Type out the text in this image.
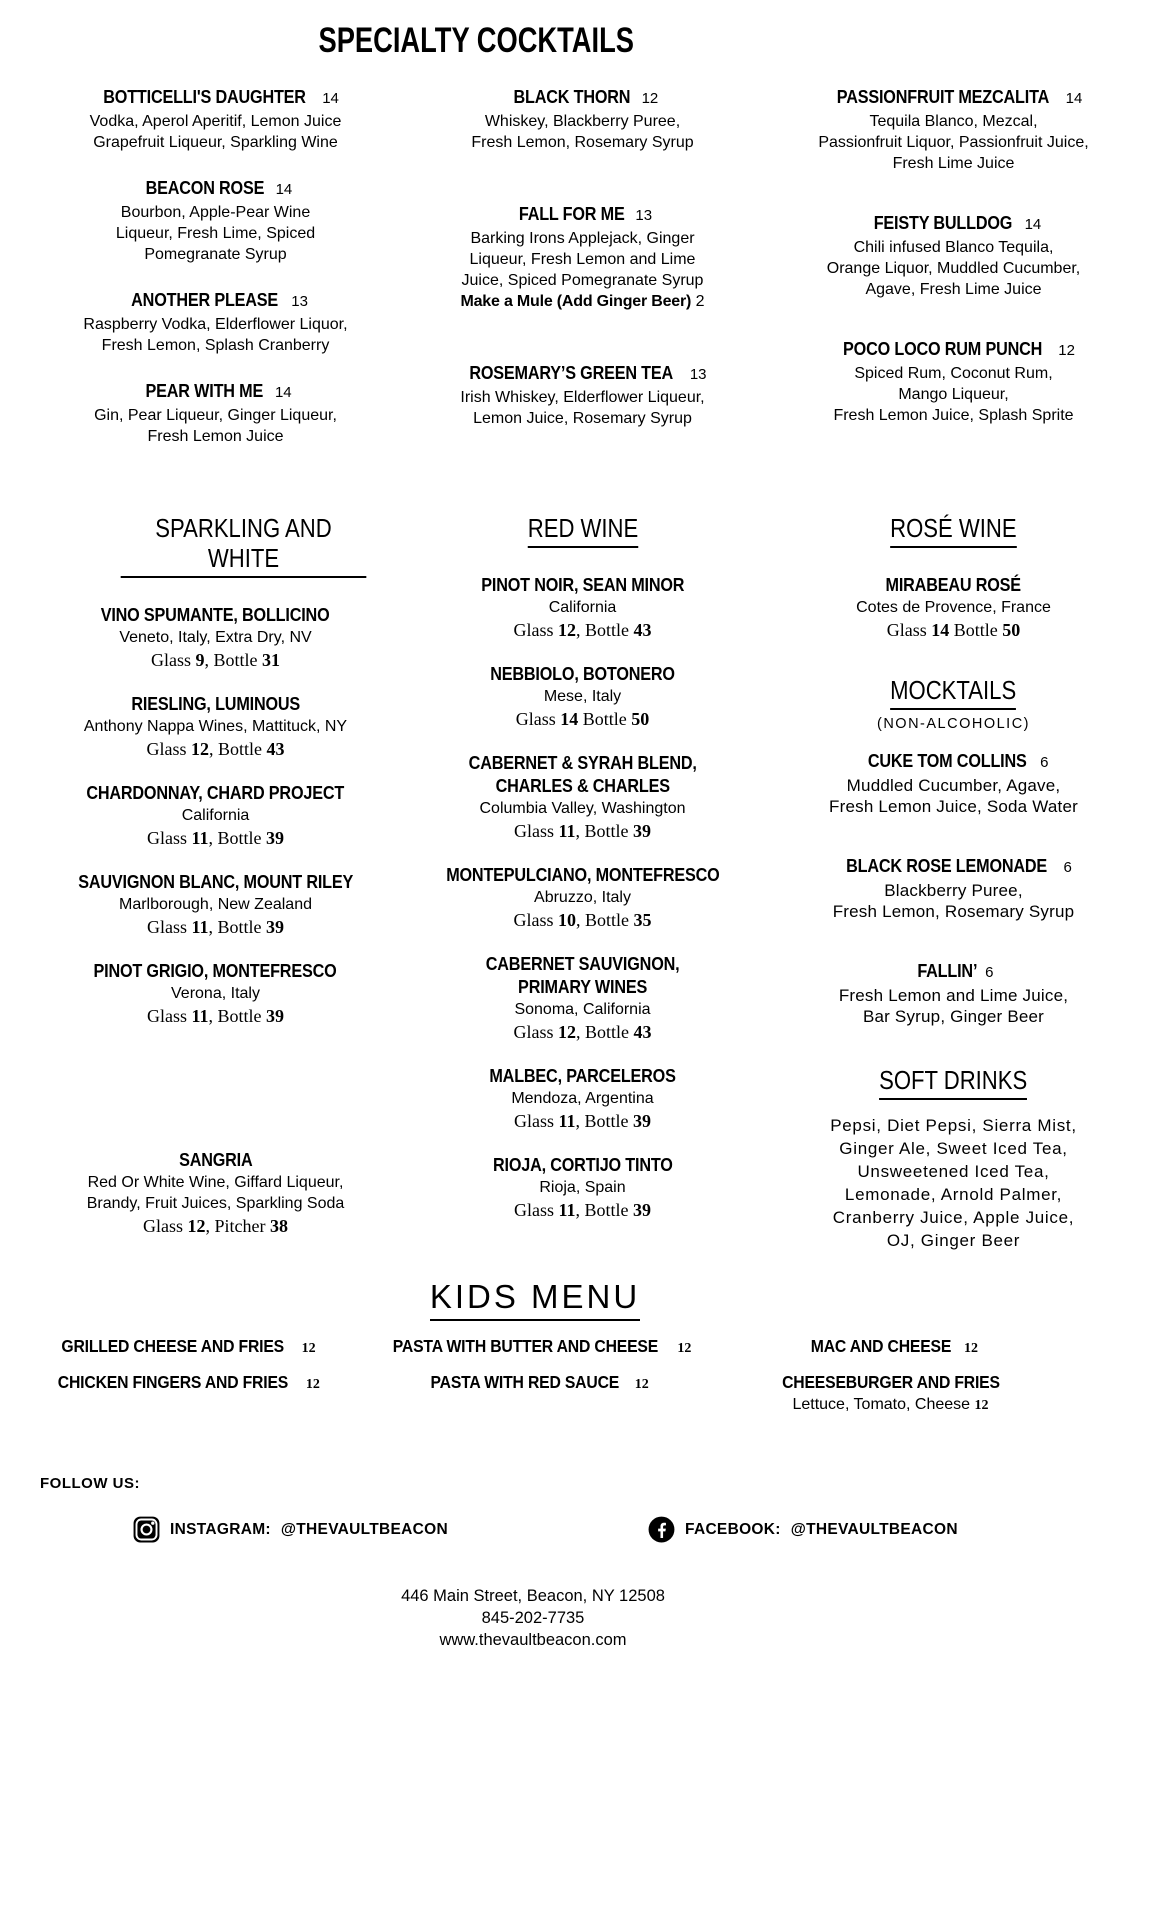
SPECIALTY COCKTAILS
BOTTICELLI'S DAUGHTER 14
Vodka, Aperol Aperitif, Lemon Juice
Grapefruit Liqueur, Sparkling Wine
BEACON ROSE 14
Bourbon, Apple-Pear Wine
Liqueur, Fresh Lime, Spiced
Pomegranate Syrup
ANOTHER PLEASE 13
Raspberry Vodka, Elderflower Liquor,
Fresh Lemon, Splash Cranberry
PEAR WITH ME 14
Gin, Pear Liqueur, Ginger Liqueur,
Fresh Lemon Juice
BLACK THORN 12
Whiskey, Blackberry Puree,
Fresh Lemon, Rosemary Syrup
FALL FOR ME 13
Barking Irons Applejack, Ginger
Liqueur, Fresh Lemon and Lime
Juice, Spiced Pomegranate Syrup
Make a Mule (Add Ginger Beer) 2
ROSEMARY’S GREEN TEA 13
Irish Whiskey, Elderflower Liqueur,
Lemon Juice, Rosemary Syrup
PASSIONFRUIT MEZCALITA 14
Tequila Blanco, Mezcal,
Passionfruit Liquor, Passionfruit Juice,
Fresh Lime Juice
FEISTY BULLDOG 14
Chili infused Blanco Tequila,
Orange Liquor, Muddled Cucumber,
Agave, Fresh Lime Juice
POCO LOCO RUM PUNCH 12
Spiced Rum, Coconut Rum,
Mango Liqueur,
Fresh Lemon Juice, Splash Sprite
SPARKLING AND WHITE
VINO SPUMANTE, BOLLICINO
Veneto, Italy, Extra Dry, NV
Glass 9, Bottle 31
RIESLING, LUMINOUS
Anthony Nappa Wines, Mattituck, NY
Glass 12, Bottle 43
CHARDONNAY, CHARD PROJECT
California
Glass 11, Bottle 39
SAUVIGNON BLANC, MOUNT RILEY
Marlborough, New Zealand
Glass 11, Bottle 39
PINOT GRIGIO, MONTEFRESCO
Verona, Italy
Glass 11, Bottle 39
SANGRIA
Red Or White Wine, Giffard Liqueur,
Brandy, Fruit Juices, Sparkling Soda
Glass 12, Pitcher 38
RED WINE
PINOT NOIR, SEAN MINOR
California
Glass 12, Bottle 43
NEBBIOLO, BOTONERO
Mese, Italy
Glass 14 Bottle 50
CABERNET & SYRAH BLEND,
CHARLES & CHARLES
Columbia Valley, Washington
Glass 11, Bottle 39
MONTEPULCIANO, MONTEFRESCO
Abruzzo, Italy
Glass 10, Bottle 35
CABERNET SAUVIGNON,
PRIMARY WINES
Sonoma, California
Glass 12, Bottle 43
MALBEC, PARCELEROS
Mendoza, Argentina
Glass 11, Bottle 39
RIOJA, CORTIJO TINTO
Rioja, Spain
Glass 11, Bottle 39
ROSÉ WINE
MIRABEAU ROSÉ
Cotes de Provence, France
Glass 14 Bottle 50
MOCKTAILS
(NON-ALCOHOLIC)
CUKE TOM COLLINS 6
Muddled Cucumber, Agave,
Fresh Lemon Juice, Soda Water
BLACK ROSE LEMONADE 6
Blackberry Puree,
Fresh Lemon, Rosemary Syrup
FALLIN’ 6
Fresh Lemon and Lime Juice,
Bar Syrup, Ginger Beer
SOFT DRINKS
Pepsi, Diet Pepsi, Sierra Mist,
Ginger Ale, Sweet Iced Tea,
Unsweetened Iced Tea,
Lemonade, Arnold Palmer,
Cranberry Juice, Apple Juice,
OJ, Ginger Beer
KIDS MENU
GRILLED CHEESE AND FRIES 12
CHICKEN FINGERS AND FRIES 12
PASTA WITH BUTTER AND CHEESE 12
PASTA WITH RED SAUCE 12
MAC AND CHEESE 12
CHEESEBURGER AND FRIES
Lettuce, Tomato, Cheese 12
FOLLOW US:
INSTAGRAM: @THEVAULTBEACON	FACEBOOK: @THEVAULTBEACON
446 Main Street, Beacon, NY 12508
845-202-7735
www.thevaultbeacon.com
